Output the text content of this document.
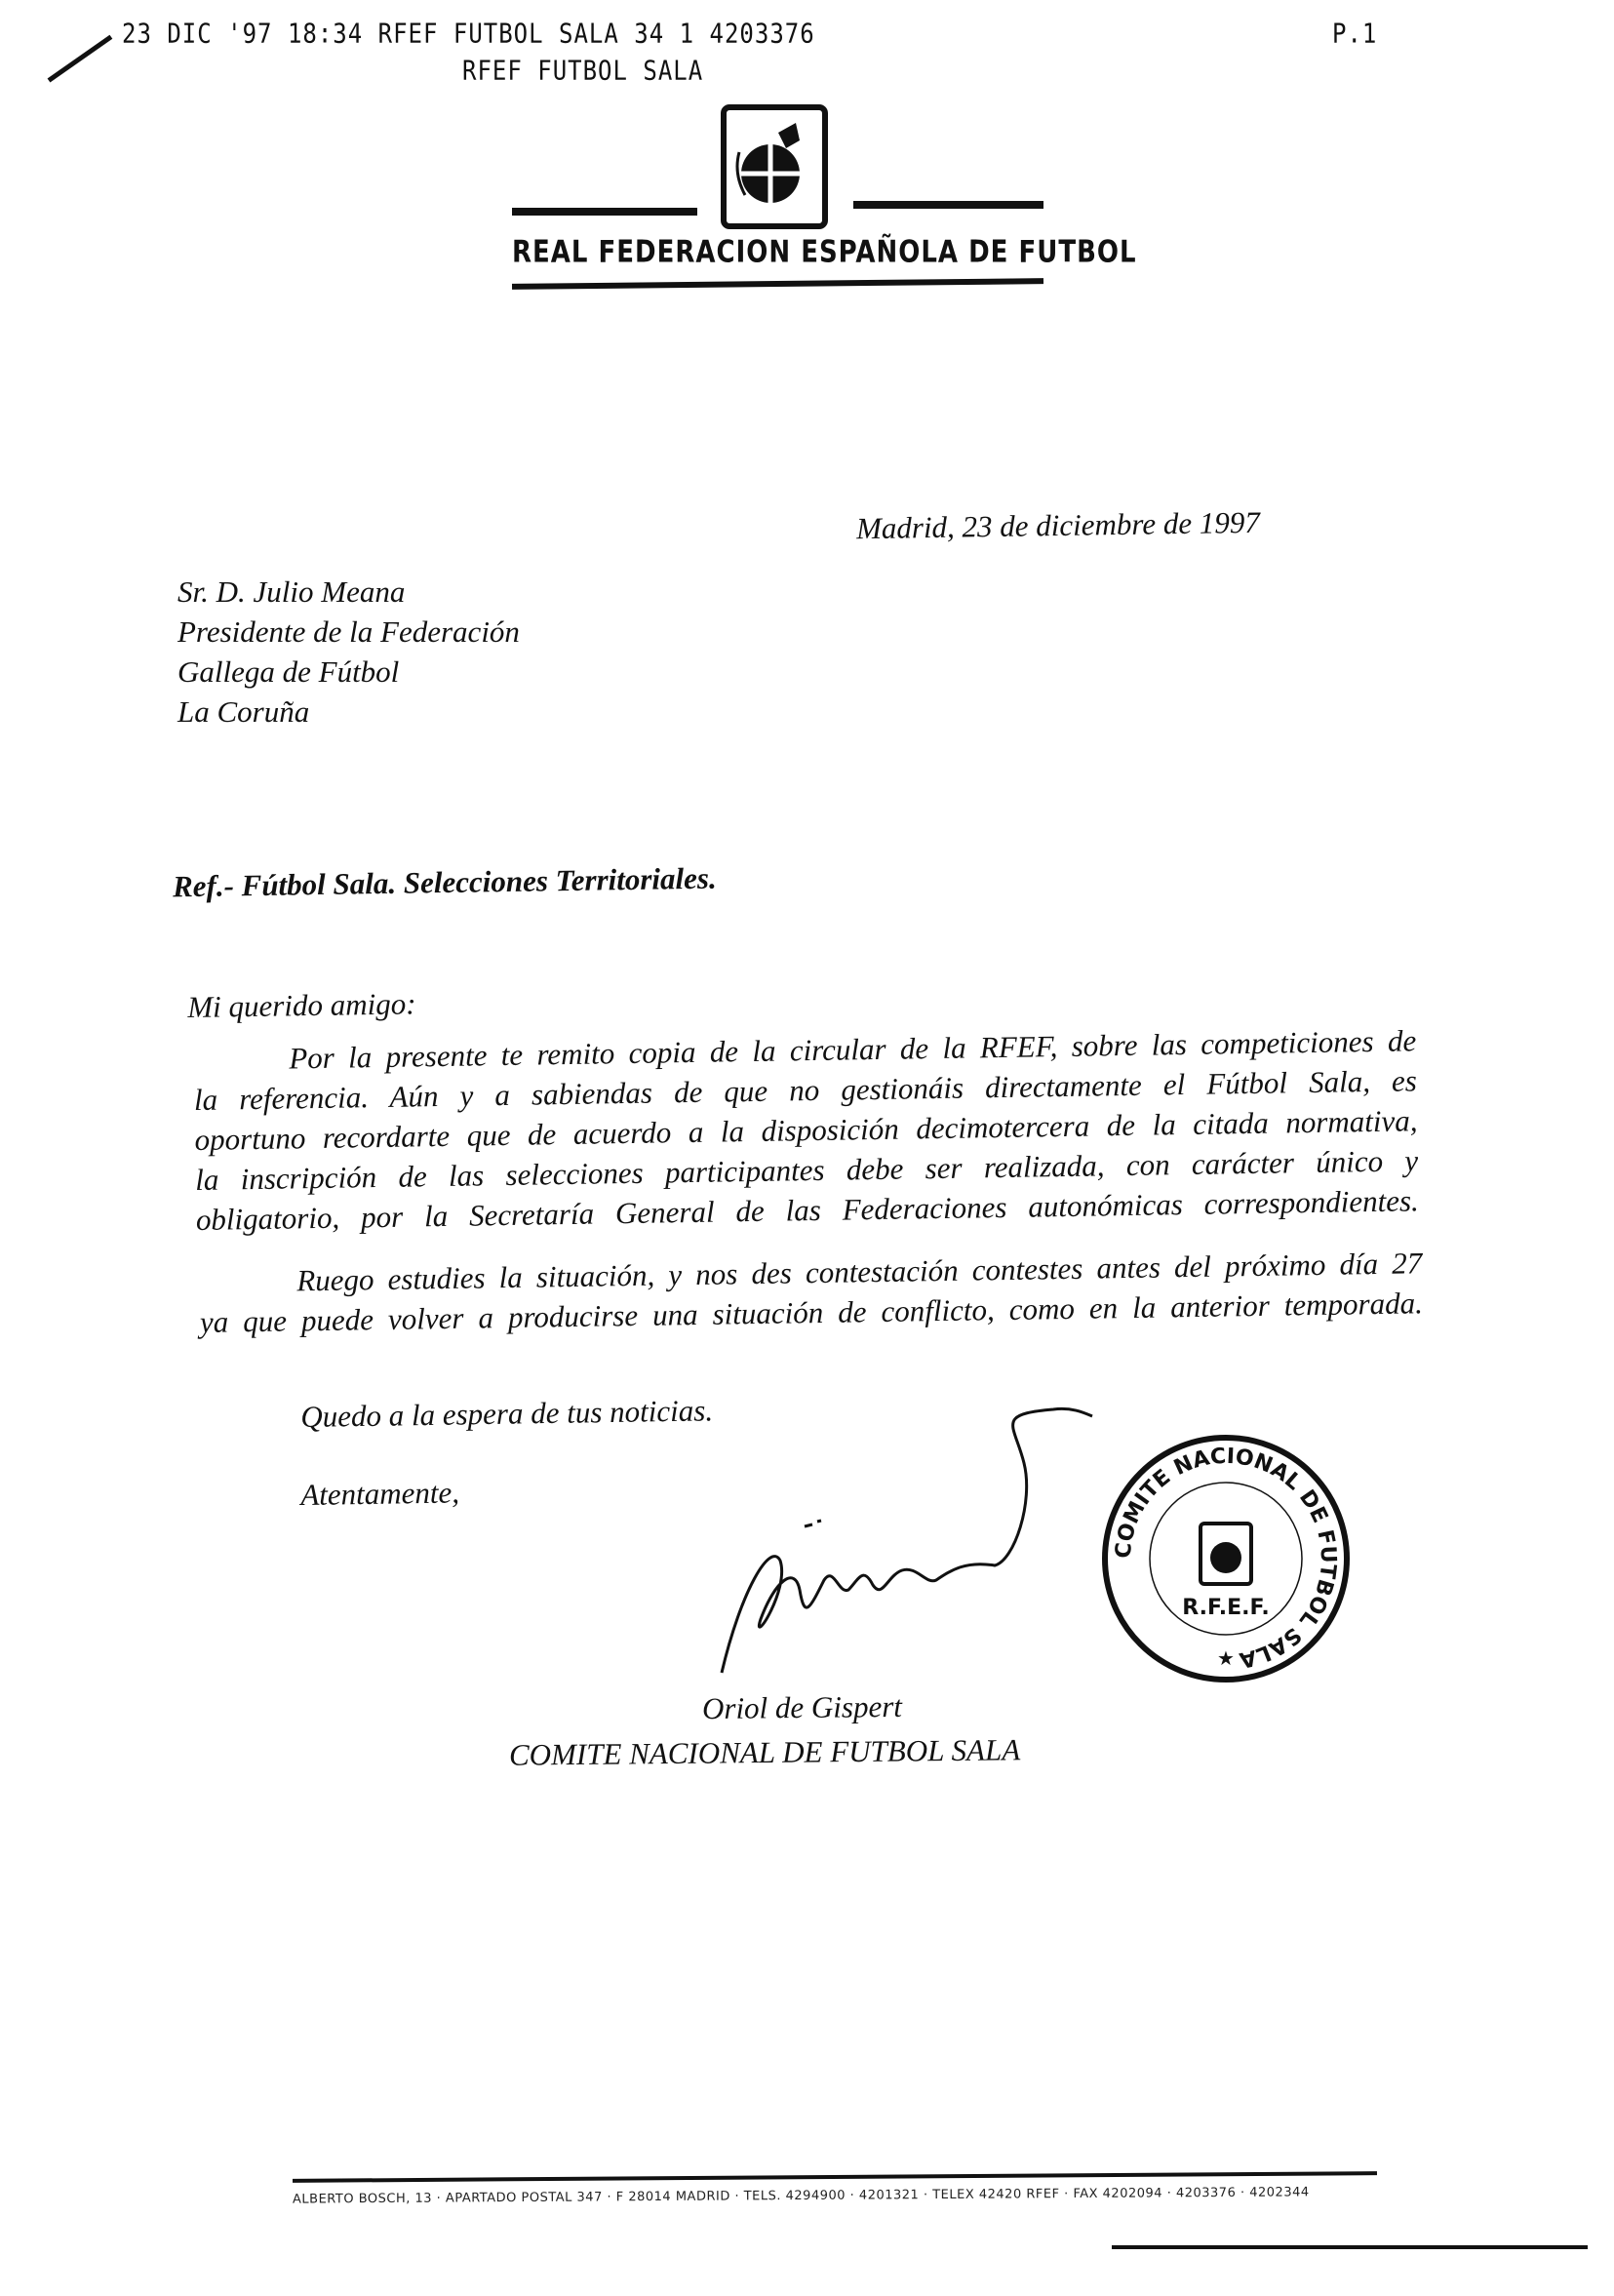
23 DIC '97 18:34 RFEF FUTBOL SALA 34 1 4203376	P.1
RFEF FUTBOL SALA
REAL FEDERACION ESPAÑOLA DE FUTBOL
Madrid, 23 de diciembre de 1997
Sr. D. Julio Meana
Presidente de la Federación
Gallega de Fútbol
La Coruña
Ref.- Fútbol Sala. Selecciones Territoriales.
Mi querido amigo:
Por la presente te remito copia de la circular de la RFEF, sobre las competiciones de
la referencia. Aún y a sabiendas de que no gestionáis directamente el Fútbol Sala, es
oportuno recordarte que de acuerdo a la disposición decimotercera de la citada normativa,
la inscripción de las selecciones participantes debe ser realizada, con carácter único y
obligatorio, por la Secretaría General de las Federaciones autonómicas correspondientes.
Ruego estudies la situación, y nos des contestación contestes antes del próximo día 27
ya que puede volver a producirse una situación de conflicto, como en la anterior temporada.
Quedo a la espera de tus noticias.
Atentamente,
COMITE NACIONAL DE FUTBOL SALA
R.F.E.F.
★
Oriol de Gispert
COMITE NACIONAL DE FUTBOL SALA
ALBERTO BOSCH, 13 · APARTADO POSTAL 347 · F 28014 MADRID · TELS. 4294900 · 4201321 · TELEX 42420 RFEF · FAX 4202094 · 4203376 · 4202344
